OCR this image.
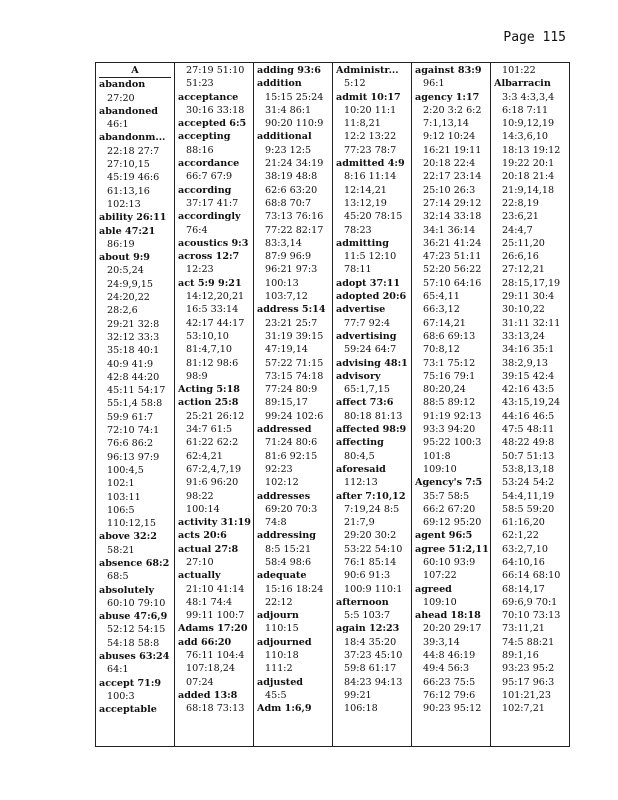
Page 115
A
abandon
27:20
abandoned
46:1
abandonm...
22:18 27:7
27:10,15
45:19 46:6
61:13,16
102:13
ability 26:11
able 47:21
86:19
about 9:9
20:5,24
24:9,9,15
24:20,22
28:2,6
29:21 32:8
32:12 33:3
35:18 40:1
40:9 41:9
42:8 44:20
45:11 54:17
55:1,4 58:8
59:9 61:7
72:10 74:1
76:6 86:2
96:13 97:9
100:4,5
102:1
103:11
106:5
110:12,15
above 32:2
58:21
absence 68:2
68:5
absolutely
60:10 79:10
abuse 47:6,9
52:12 54:15
54:18 58:8
abuses 63:24
64:1
accept 71:9
100:3
acceptable
27:19 51:10
51:23
acceptance
30:16 33:18
accepted 6:5
accepting
88:16
accordance
66:7 67:9
according
37:17 41:7
accordingly
76:4
acoustics 9:3
across 12:7
12:23
act 5:9 9:21
14:12,20,21
16:5 33:14
42:17 44:17
53:10,10
81:4,7,10
81:12 98:6
98:9
Acting 5:18
action 25:8
25:21 26:12
34:7 61:5
61:22 62:2
62:4,21
67:2,4,7,19
91:6 96:20
98:22
100:14
activity 31:19
acts 20:6
actual 27:8
27:10
actually
21:10 41:14
48:1 74:4
99:11 100:7
Adams 17:20
add 66:20
76:11 104:4
107:18,24
07:24
added 13:8
68:18 73:13
adding 93:6
addition
15:15 25:24
31:4 86:1
90:20 110:9
additional
9:23 12:5
21:24 34:19
38:19 48:8
62:6 63:20
68:8 70:7
73:13 76:16
77:22 82:17
83:3,14
87:9 96:9
96:21 97:3
100:13
103:7,12
address 5:14
23:21 25:7
31:19 39:15
47:19,14
57:22 71:15
73:15 74:18
77:24 80:9
89:15,17
99:24 102:6
addressed
71:24 80:6
81:6 92:15
92:23
102:12
addresses
69:20 70:3
74:8
addressing
8:5 15:21
58:4 98:6
adequate
15:16 18:24
22:12
adjourn
110:15
adjourned
110:18
111:2
adjusted
45:5
Adm 1:6,9
Administr...
5:12
admit 10:17
10:20 11:1
11:8,21
12:2 13:22
77:23 78:7
admitted 4:9
8:16 11:14
12:14,21
13:12,19
45:20 78:15
78:23
admitting
11:5 12:10
78:11
adopt 37:11
adopted 20:6
advertise
77:7 92:4
advertising
59:24 64:7
advising 48:1
advisory
65:1,7,15
affect 73:6
80:18 81:13
affected 98:9
affecting
80:4,5
aforesaid
112:13
after 7:10,12
7:19,24 8:5
21:7,9
29:20 30:2
53:22 54:10
76:1 85:14
90:6 91:3
100:9 110:1
afternoon
5:5 103:7
again 12:23
18:4 35:20
37:23 45:10
59:8 61:17
84:23 94:13
99:21
106:18
against 83:9
96:1
agency 1:17
2:20 3:2 6:2
7:1,13,14
9:12 10:24
16:21 19:11
20:18 22:4
22:17 23:14
25:10 26:3
27:14 29:12
32:14 33:18
34:1 36:14
36:21 41:24
47:23 51:11
52:20 56:22
57:10 64:16
65:4,11
66:3,12
67:14,21
68:6 69:13
70:8,12
73:1 75:12
75:16 79:1
80:20,24
88:5 89:12
91:19 92:13
93:3 94:20
95:22 100:3
101:8
109:10
Agency's 7:5
35:7 58:5
66:2 67:20
69:12 95:20
agent 96:5
agree 51:2,11
60:10 93:9
107:22
agreed
109:10
ahead 18:18
20:20 29:17
39:3,14
44:8 46:19
49:4 56:3
66:23 75:5
76:12 79:6
90:23 95:12
101:22
Albarracin
3:3 4:3,3,4
6:18 7:11
10:9,12,19
14:3,6,10
18:13 19:12
19:22 20:1
20:18 21:4
21:9,14,18
22:8,19
23:6,21
24:4,7
25:11,20
26:6,16
27:12,21
28:15,17,19
29:11 30:4
30:10,22
31:11 32:11
33:13,24
34:16 35:1
38:2,9,13
39:15 42:4
42:16 43:5
43:15,19,24
44:16 46:5
47:5 48:11
48:22 49:8
50:7 51:13
53:8,13,18
53:24 54:2
54:4,11,19
58:5 59:20
61:16,20
62:1,22
63:2,7,10
64:10,16
66:14 68:10
68:14,17
69:6,9 70:1
70:10 73:13
73:11,21
74:5 88:21
89:1,16
93:23 95:2
95:17 96:3
101:21,23
102:7,21
